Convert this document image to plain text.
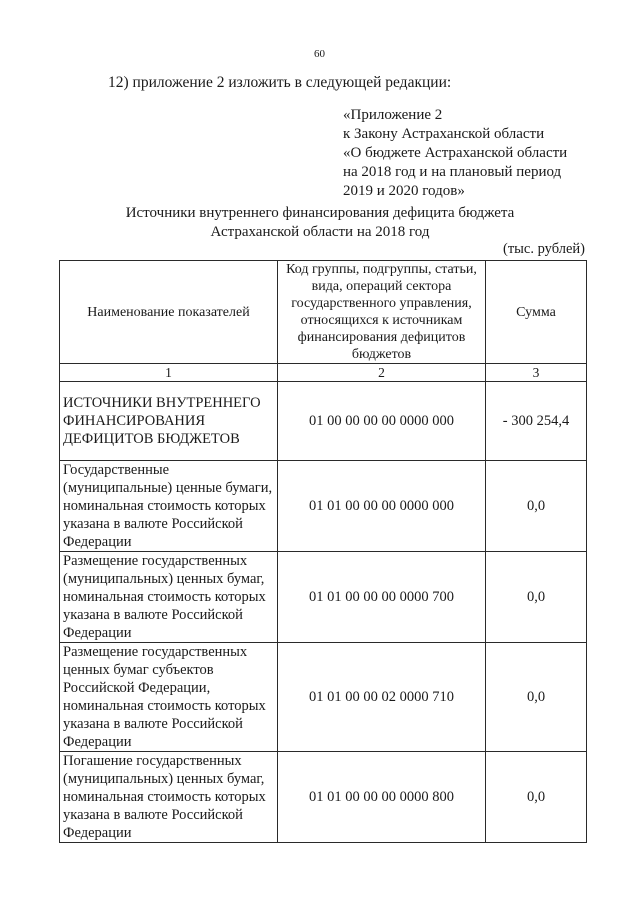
60
12) приложение 2 изложить в следующей редакции:
«Приложение 2
к Закону Астраханской области
«О бюджете Астраханской области
на 2018 год и на плановый период
2019 и 2020 годов»
Источники внутреннего финансирования дефицита бюджета
Астраханской области на 2018 год
(тыс. рублей)
Наименование показателей	Код группы, подгруппы, статьи, вида, операций сектора государственного управления, относящихся к источникам финансирования дефицитов бюджетов	Сумма
1	2	3
ИСТОЧНИКИ ВНУТРЕННЕГО ФИНАНСИРОВАНИЯ ДЕФИЦИТОВ БЮДЖЕТОВ	01 00 00 00 00 0000 000	- 300 254,4
Государственные (муниципальные) ценные бумаги, номинальная стоимость которых указана в валюте Российской Федерации	01 01 00 00 00 0000 000	0,0
Размещение государственных (муниципальных) ценных бумаг, номинальная стоимость которых указана в валюте Российской Федерации	01 01 00 00 00 0000 700	0,0
Размещение государственных ценных бумаг субъектов Российской Федерации, номинальная стоимость которых указана в валюте Российской Федерации	01 01 00 00 02 0000 710	0,0
Погашение государственных (муниципальных) ценных бумаг, номинальная стоимость которых указана в валюте Российской Федерации	01 01 00 00 00 0000 800	0,0
